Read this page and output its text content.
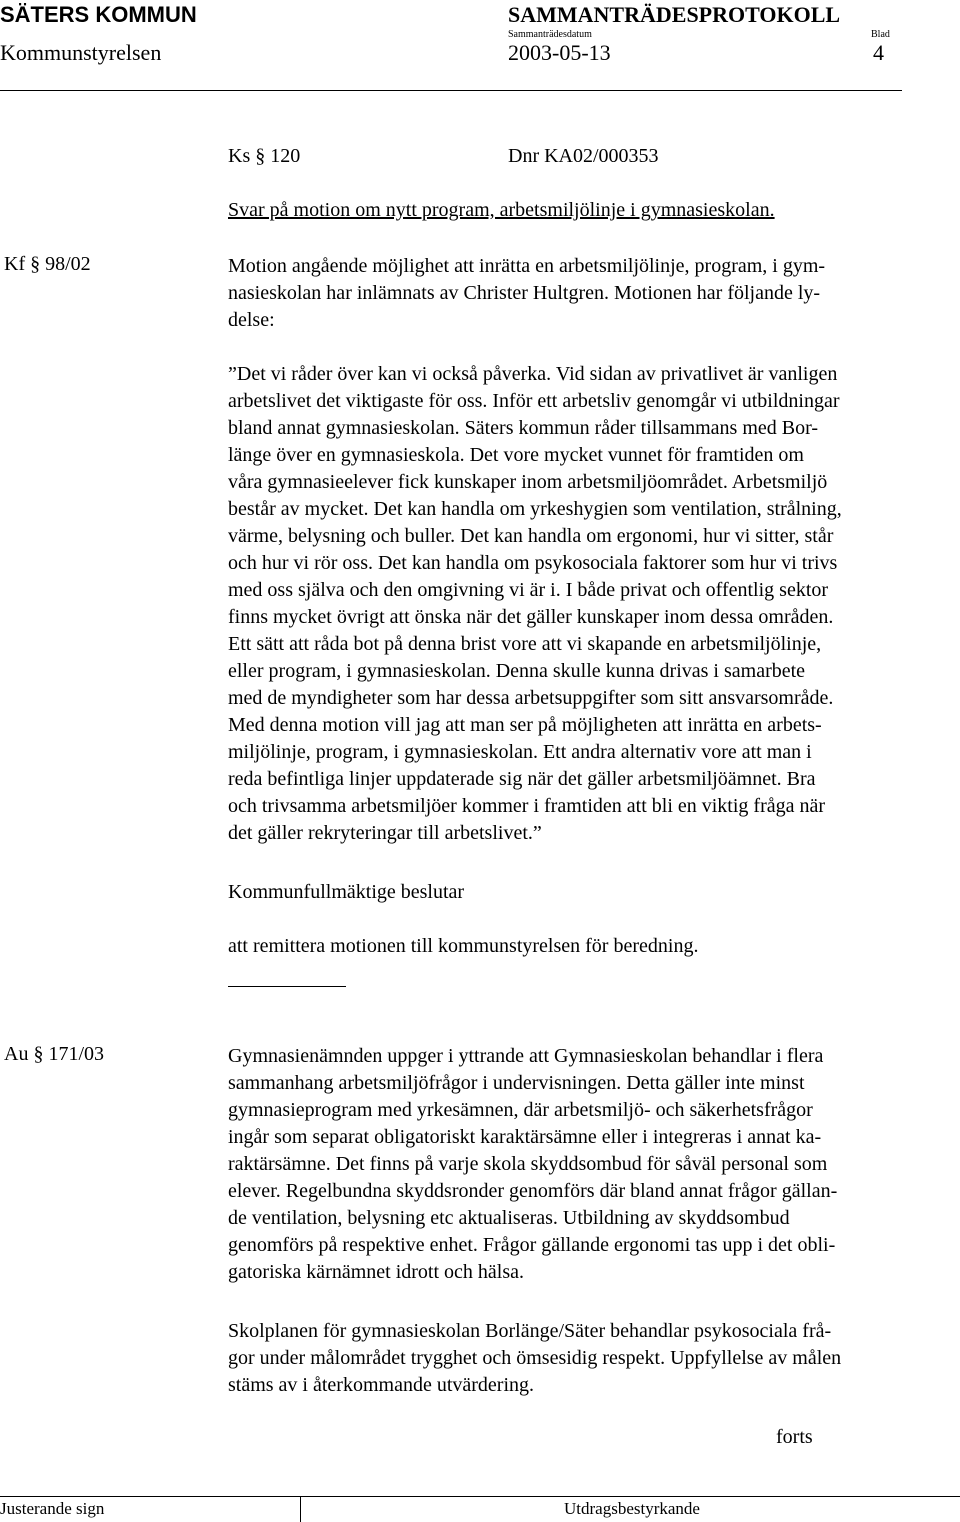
SÄTERS KOMMUN	SAMMANTRÄDESPROTOKOLL
Kommunstyrelsen
Sammanträdesdatum
2003-05-13
Blad
4
Ks § 120	Dnr KA02/000353
Svar på motion om nytt program, arbetsmiljölinje i gymnasieskolan.
Kf § 98/02	Motion angående möjlighet att inrätta en arbetsmiljölinje, program, i gym-
nasieskolan har inlämnats av Christer Hultgren. Motionen har följande ly-
delse:
”Det vi råder över kan vi också påverka. Vid sidan av privatlivet är vanligen
arbetslivet det viktigaste för oss. Inför ett arbetsliv genomgår vi utbildningar
bland annat gymnasieskolan. Säters kommun råder tillsammans med Bor-
länge över en gymnasieskola. Det vore mycket vunnet för framtiden om
våra gymnasieelever fick kunskaper inom arbetsmiljöområdet. Arbetsmiljö
består av mycket. Det kan handla om yrkeshygien som ventilation, strålning,
värme, belysning och buller. Det kan handla om ergonomi, hur vi sitter, står
och hur vi rör oss. Det kan handla om psykosociala faktorer som hur vi trivs
med oss själva och den omgivning vi är i. I både privat och offentlig sektor
finns mycket övrigt att önska när det gäller kunskaper inom dessa områden.
Ett sätt att råda bot på denna brist vore att vi skapande en arbetsmiljölinje,
eller program, i gymnasieskolan. Denna skulle kunna drivas i samarbete
med de myndigheter som har dessa arbetsuppgifter som sitt ansvarsområde.
Med denna motion vill jag att man ser på möjligheten att inrätta en arbets-
miljölinje, program, i gymnasieskolan. Ett andra alternativ vore att man i
reda befintliga linjer uppdaterade sig när det gäller arbetsmiljöämnet. Bra
och trivsamma arbetsmiljöer kommer i framtiden att bli en viktig fråga när
det gäller rekryteringar till arbetslivet.”
Kommunfullmäktige beslutar
att remittera motionen till kommunstyrelsen för beredning.
Au § 171/03	Gymnasienämnden uppger i yttrande att Gymnasieskolan behandlar i flera
sammanhang arbetsmiljöfrågor i undervisningen. Detta gäller inte minst
gymnasieprogram med yrkesämnen, där arbetsmiljö- och säkerhetsfrågor
ingår som separat obligatoriskt karaktärsämne eller i integreras i annat ka-
raktärsämne. Det finns på varje skola skyddsombud för såväl personal som
elever. Regelbundna skyddsronder genomförs där bland annat frågor gällan-
de ventilation, belysning etc aktualiseras. Utbildning av skyddsombud
genomförs på respektive enhet. Frågor gällande ergonomi tas upp i det obli-
gatoriska kärnämnet idrott och hälsa.
Skolplanen för gymnasieskolan Borlänge/Säter behandlar psykosociala frå-
gor under målområdet trygghet och ömsesidig respekt. Uppfyllelse av målen
stäms av i återkommande utvärdering.
forts
Justerande sign	Utdragsbestyrkande
